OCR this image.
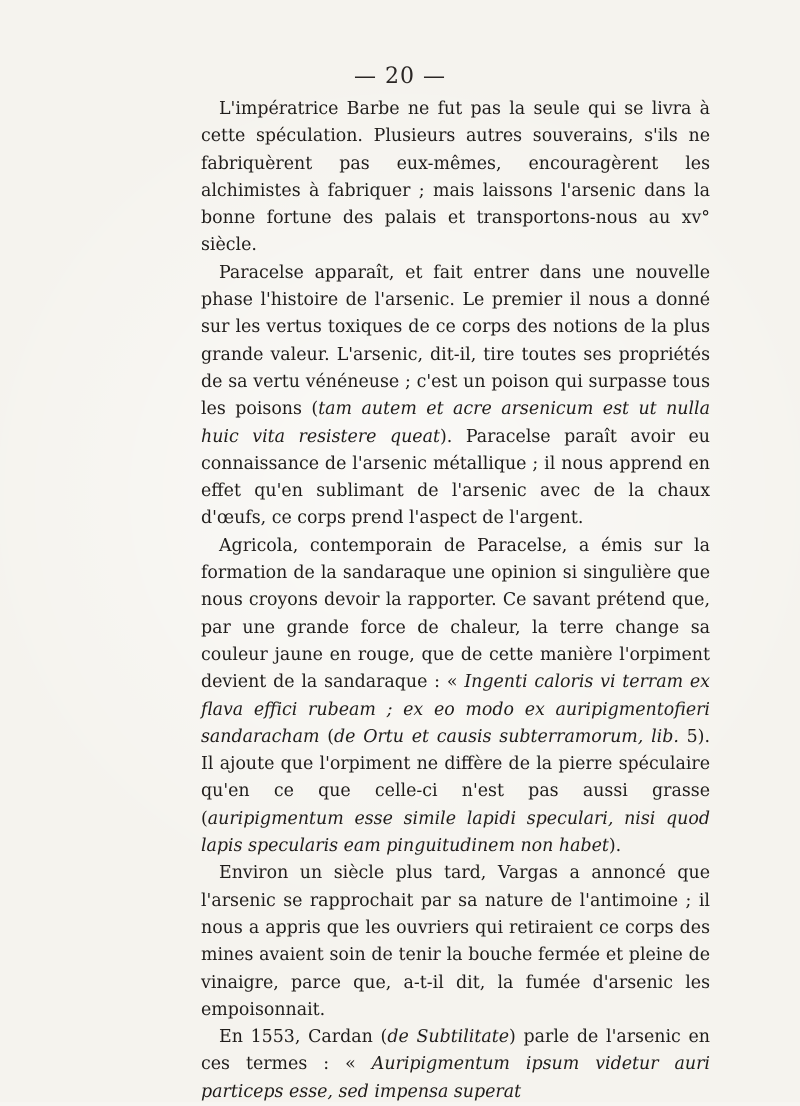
— 20 —

L'impératrice Barbe ne fut pas la seule qui se livra à cette spéculation. Plusieurs autres souverains, s'ils ne fabriquèrent pas eux-mêmes, encouragèrent les alchimistes à fabriquer ; mais laissons l'arsenic dans la bonne fortune des palais et transportons-nous au xv° siècle.

Paracelse apparaît, et fait entrer dans une nouvelle phase l'histoire de l'arsenic. Le premier il nous a donné sur les vertus toxiques de ce corps des notions de la plus grande valeur. L'arsenic, dit-il, tire toutes ses propriétés de sa vertu vénéneuse ; c'est un poison qui surpasse tous les poisons (tam autem et acre arsenicum est ut nulla huic vita resistere queat). Paracelse paraît avoir eu connaissance de l'arsenic métallique ; il nous apprend en effet qu'en sublimant de l'arsenic avec de la chaux d'œufs, ce corps prend l'aspect de l'argent.

Agricola, contemporain de Paracelse, a émis sur la formation de la sandaraque une opinion si singulière que nous croyons devoir la rapporter. Ce savant prétend que, par une grande force de chaleur, la terre change sa couleur jaune en rouge, que de cette manière l'orpiment devient de la sandaraque : « Ingenti caloris vi terram ex flava effici rubeam ; ex eo modo ex auripigmentofieri sandaracham (de Ortu et causis subterramorum, lib. 5). Il ajoute que l'orpiment ne diffère de la pierre spéculaire qu'en ce que celle-ci n'est pas aussi grasse (auripigmentum esse simile lapidi speculari, nisi quod lapis specularis eam pinguitudinem non habet).

Environ un siècle plus tard, Vargas a annoncé que l'arsenic se rapprochait par sa nature de l'antimoine ; il nous a appris que les ouvriers qui retiraient ce corps des mines avaient soin de tenir la bouche fermée et pleine de vinaigre, parce que, a-t-il dit, la fumée d'arsenic les empoisonnait.

En 1553, Cardan (de Subtilitate) parle de l'arsenic en ces termes : « Auripigmentum ipsum videtur auri particeps esse, sed impensa superat
